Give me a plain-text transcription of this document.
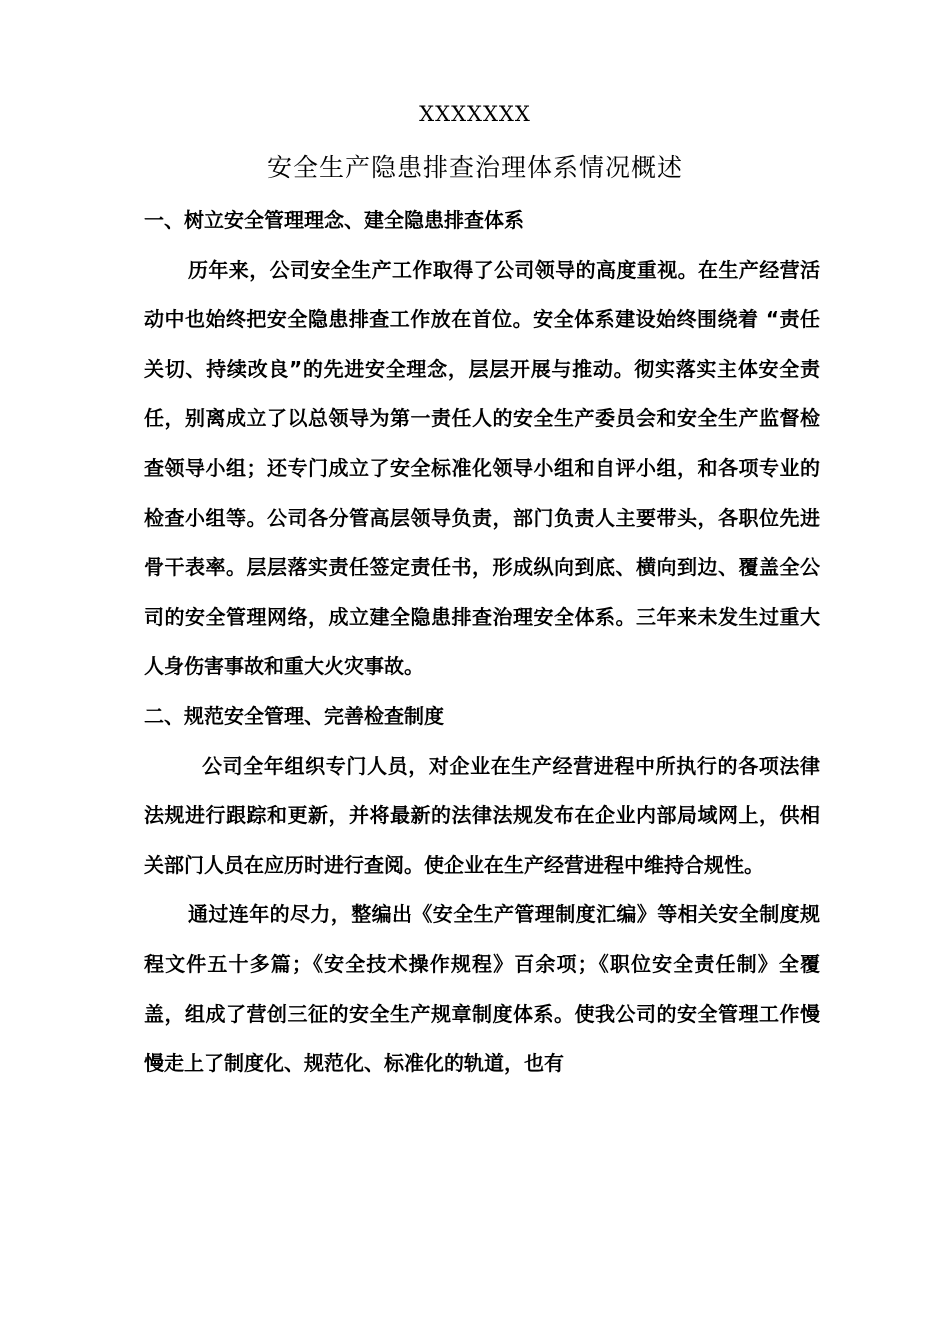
XXXXXXX
安全生产隐患排查治理体系情况概述
一、树立安全管理理念、建全隐患排查体系

历年来，公司安全生产工作取得了公司领导的高度重视。在生产经营活动中也始终把安全隐患排查工作放在首位。安全体系建设始终围绕着 “责任关切、持续改良”的先进安全理念，层层开展与推动。彻实落实主体安全责任，别离成立了以总领导为第一责任人的安全生产委员会和安全生产监督检查领导小组；还专门成立了安全标准化领导小组和自评小组，和各项专业的检查小组等。公司各分管高层领导负责，部门负责人主要带头，各职位先进骨干表率。层层落实责任签定责任书，形成纵向到底、横向到边、覆盖全公司的安全管理网络，成立建全隐患排查治理安全体系。三年来未发生过重大人身伤害事故和重大火灾事故。

二、规范安全管理、完善检查制度

公司全年组织专门人员，对企业在生产经营进程中所执行的各项法律法规进行跟踪和更新，并将最新的法律法规发布在企业内部局域网上，供相关部门人员在应历时进行查阅。使企业在生产经营进程中维持合规性。

通过连年的尽力，整编出《安全生产管理制度汇编》等相关安全制度规程文件五十多篇；《安全技术操作规程》百余项；《职位安全责任制》全覆盖，组成了营创三征的安全生产规章制度体系。使我公司的安全管理工作慢慢走上了制度化、规范化、标准化的轨道，也有
